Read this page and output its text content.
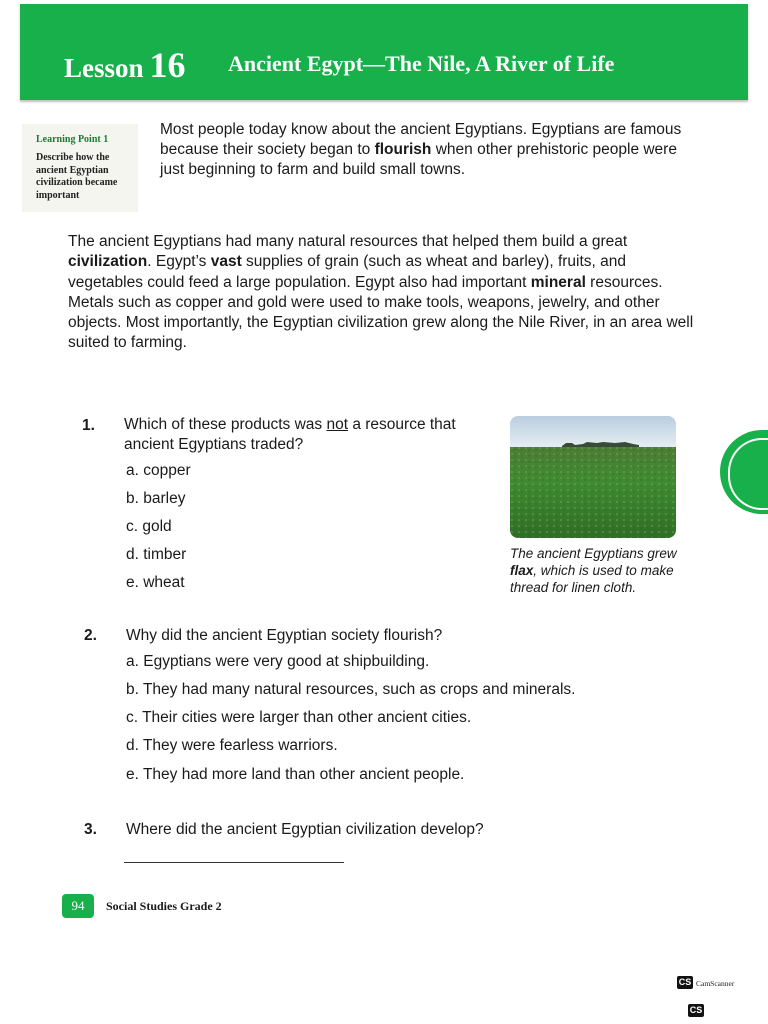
Lesson 16 Ancient Egypt—The Nile, A River of Life
Learning Point 1
Describe how the ancient Egyptian civilization became important
Most people today know about the ancient Egyptians. Egyptians are famous because their society began to flourish when other prehistoric people were just beginning to farm and build small towns.
The ancient Egyptians had many natural resources that helped them build a great civilization. Egypt’s vast supplies of grain (such as wheat and barley), fruits, and vegetables could feed a large population. Egypt also had important mineral resources. Metals such as copper and gold were used to make tools, weapons, jewelry, and other objects. Most importantly, the Egyptian civilization grew along the Nile River, in an area well suited to farming.
1. Which of these products was not a resource that ancient Egyptians traded?
a. copper
b. barley
c. gold
d. timber
e. wheat
The ancient Egyptians grew flax, which is used to make thread for linen cloth.
2. Why did the ancient Egyptian society flourish?
a. Egyptians were very good at shipbuilding.
b. They had many natural resources, such as crops and minerals.
c. Their cities were larger than other ancient cities.
d. They were fearless warriors.
e. They had more land than other ancient people.
3. Where did the ancient Egyptian civilization develop?
94	Social Studies Grade 2
CS CamScanner
CS
